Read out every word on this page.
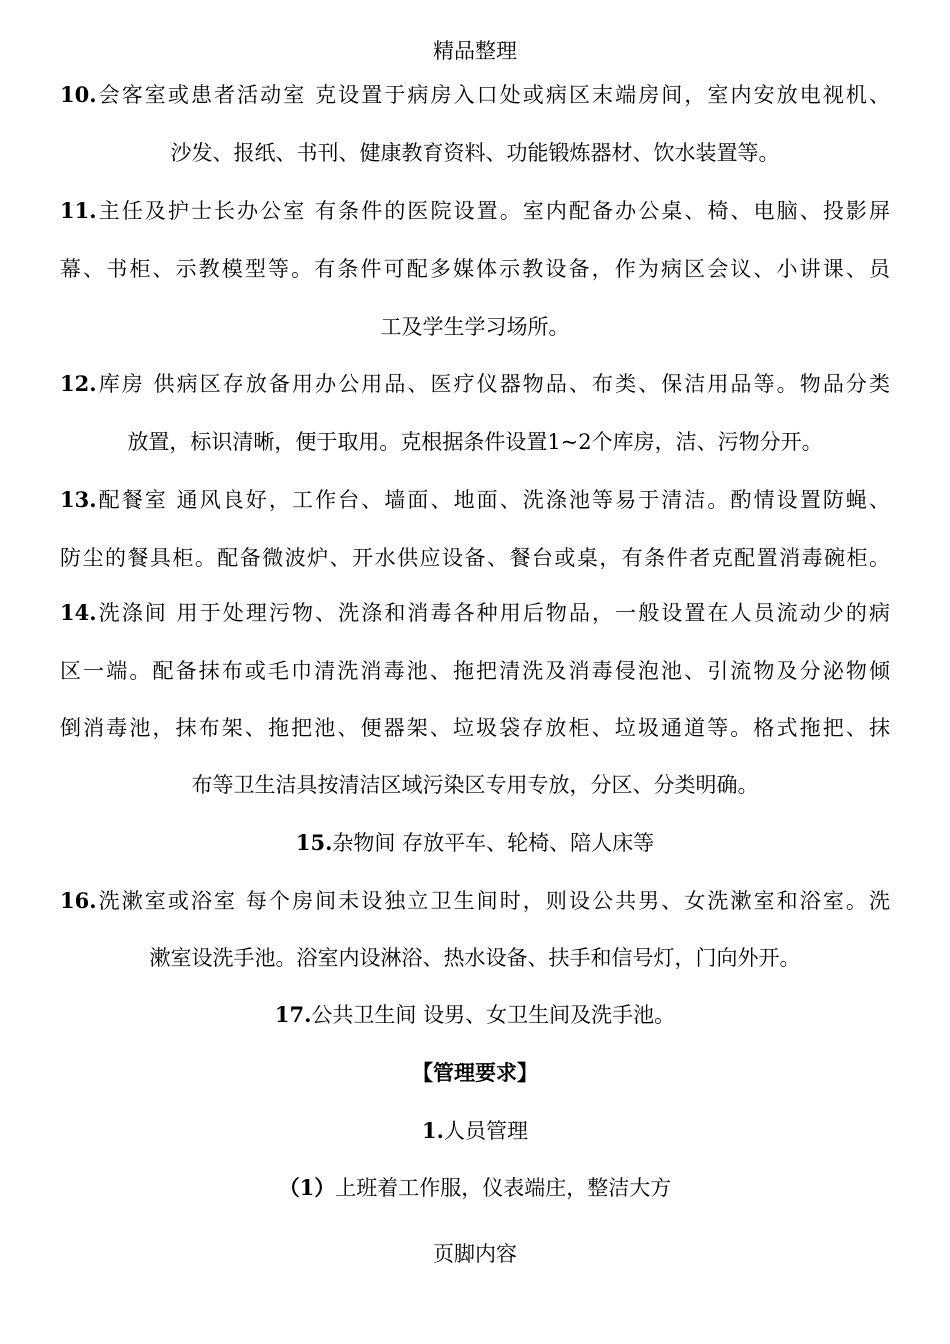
精品整理
10.会客室或患者活动室 克设置于病房入口处或病区末端房间，室内安放电视机、
沙发、报纸、书刊、健康教育资料、功能锻炼器材、饮水装置等。
11.主任及护士长办公室 有条件的医院设置。室内配备办公桌、椅、电脑、投影屏
幕、书柜、示教模型等。有条件可配多媒体示教设备，作为病区会议、小讲课、员
工及学生学习场所。
12.库房 供病区存放备用办公用品、医疗仪器物品、布类、保洁用品等。物品分类
放置，标识清晰，便于取用。克根据条件设置1~2个库房，洁、污物分开。
13.配餐室 通风良好，工作台、墙面、地面、洗涤池等易于清洁。酌情设置防蝇、
防尘的餐具柜。配备微波炉、开水供应设备、餐台或桌，有条件者克配置消毒碗柜。
14.洗涤间 用于处理污物、洗涤和消毒各种用后物品，一般设置在人员流动少的病
区一端。配备抹布或毛巾清洗消毒池、拖把清洗及消毒侵泡池、引流物及分泌物倾
倒消毒池，抹布架、拖把池、便器架、垃圾袋存放柜、垃圾通道等。格式拖把、抹
布等卫生洁具按清洁区域污染区专用专放，分区、分类明确。
15.杂物间 存放平车、轮椅、陪人床等
16.洗漱室或浴室 每个房间未设独立卫生间时，则设公共男、女洗漱室和浴室。洗
漱室设洗手池。浴室内设淋浴、热水设备、扶手和信号灯，门向外开。
17.公共卫生间 设男、女卫生间及洗手池。
【管理要求】
1.人员管理
（1）上班着工作服，仪表端庄，整洁大方
页脚内容
